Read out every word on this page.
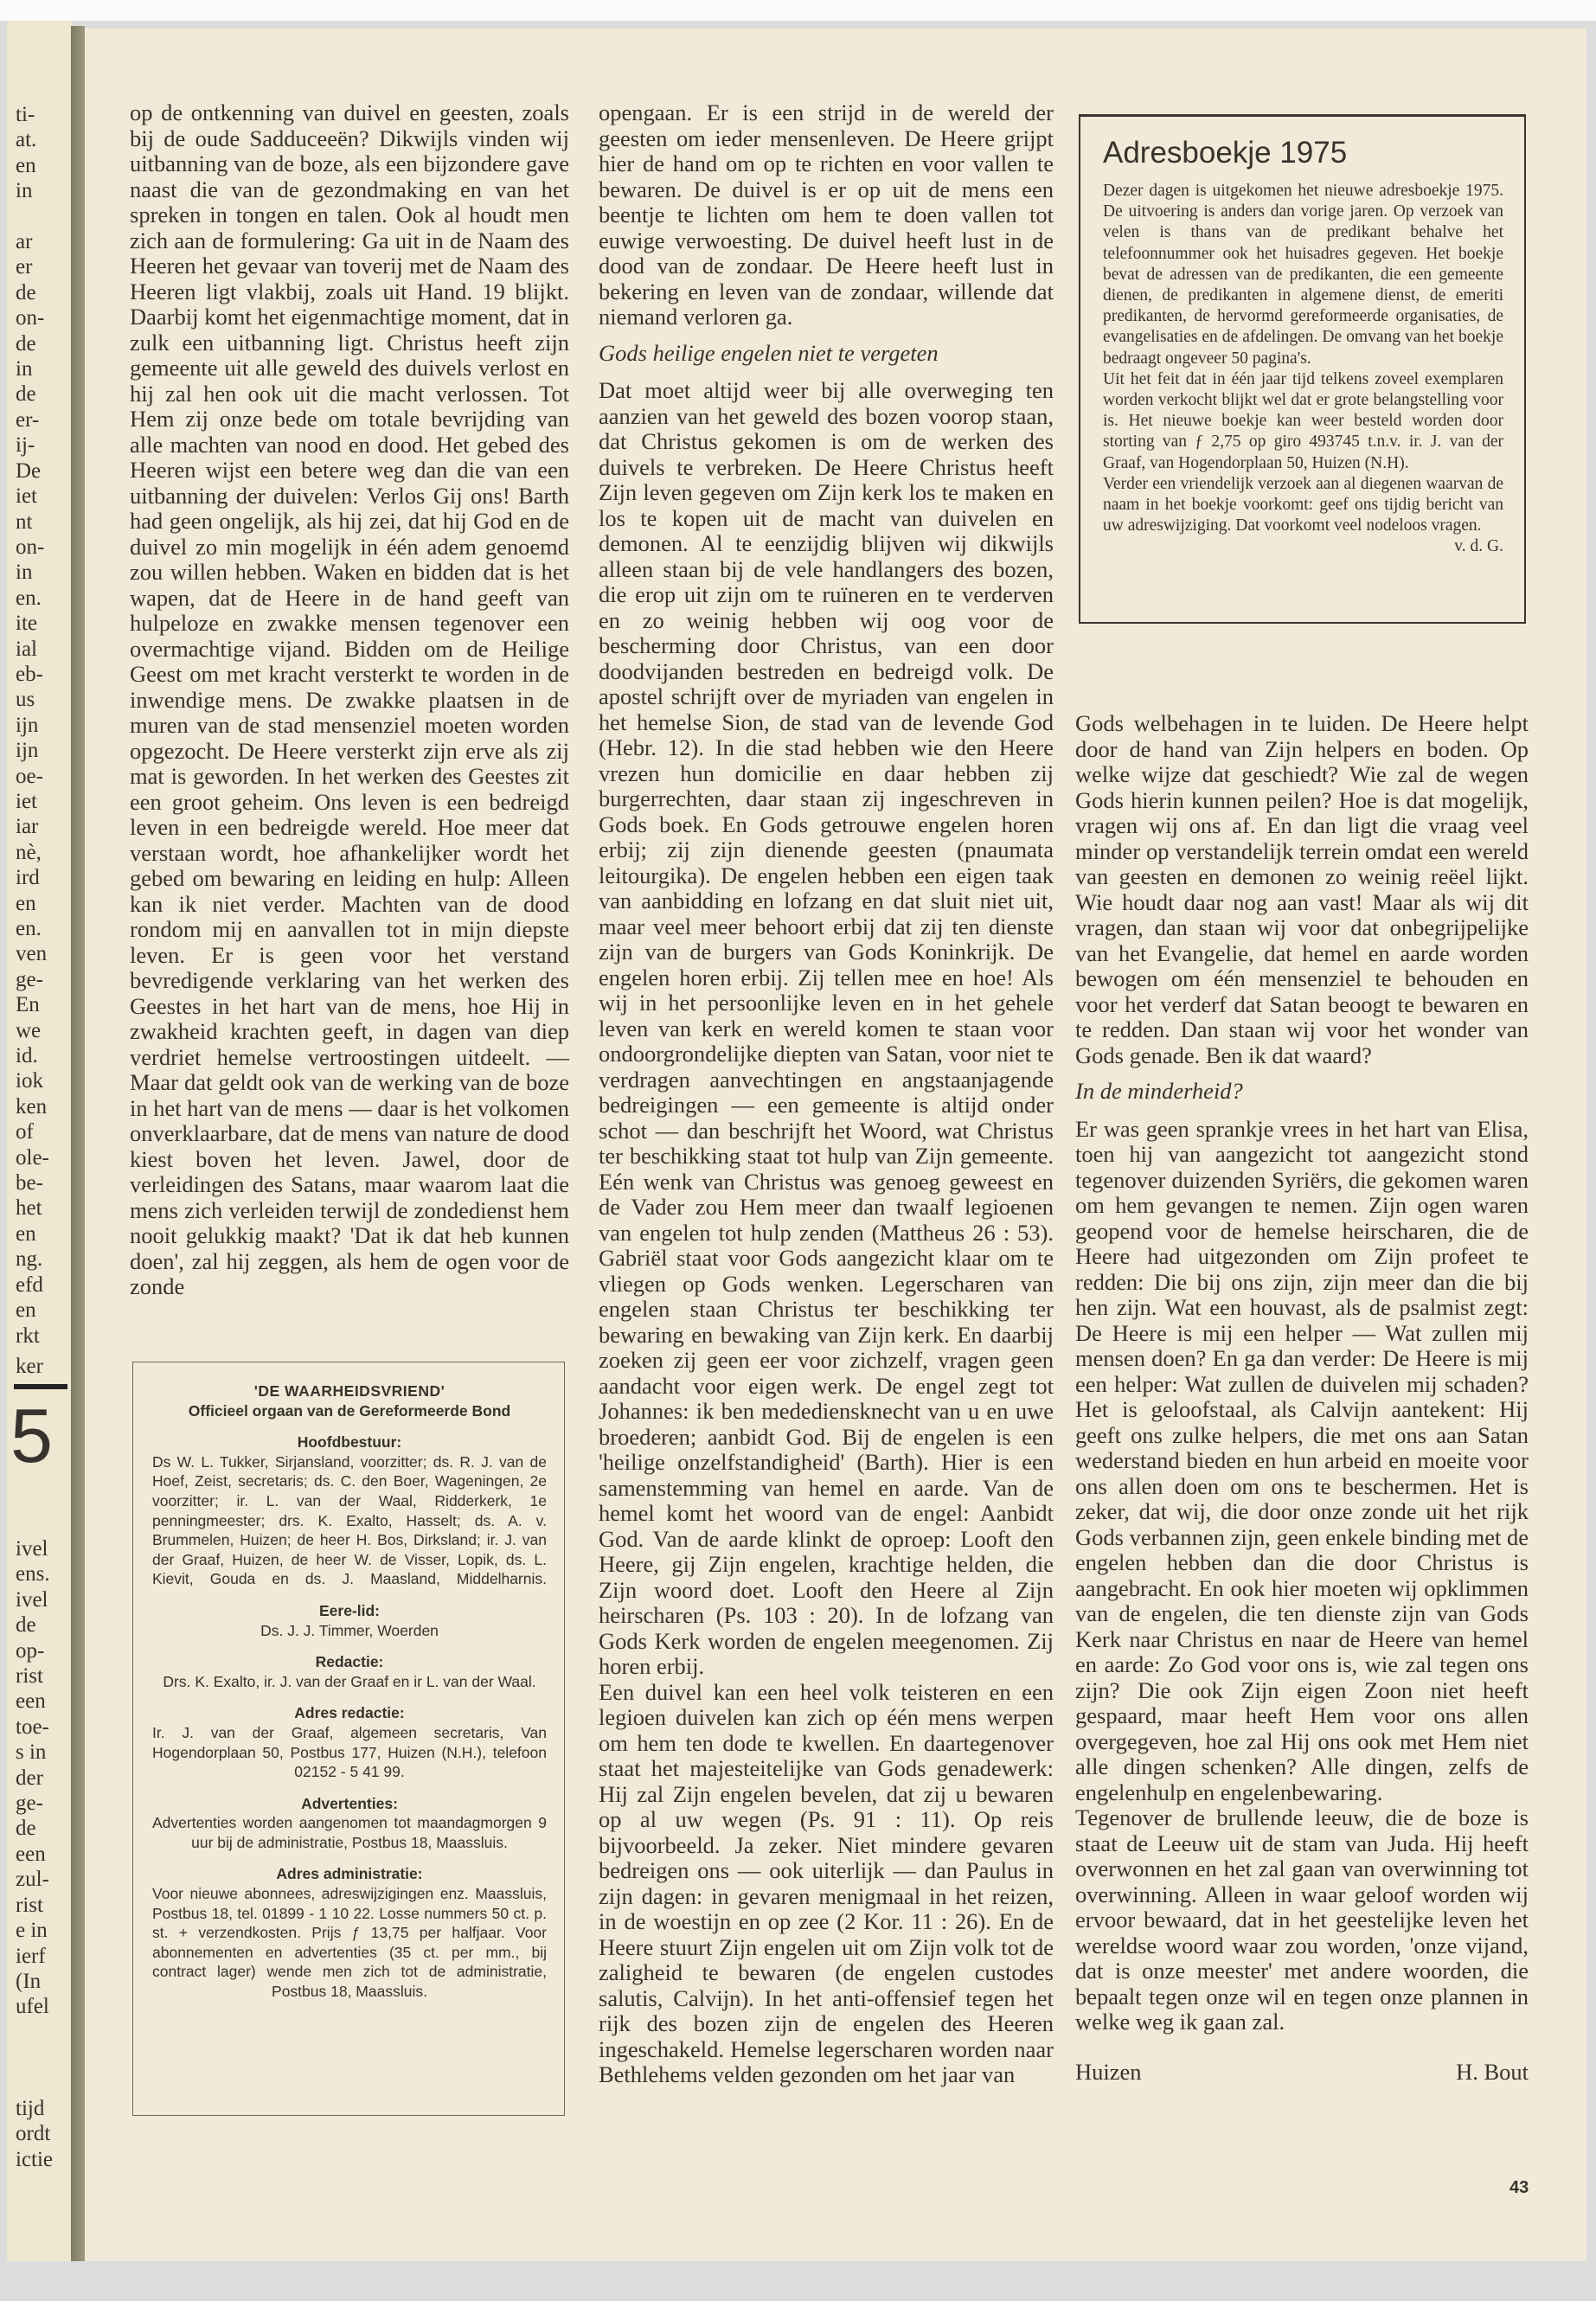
ti-
at.
en
in

ar
er
de
on-
de
in
de
er-
ij-
De
iet
nt
on-
in
en.
ite
ial
eb-
us
ijn
ijn
oe-
iet
iar
nè,
ird
en
en.
ven
ge-
En
we
id.
iok
ken
of
ole-
be-
het
en
ng.
efd
en
rkt
ker
5
ivel
ens.
ivel
de
op-
rist
een
toe-
s in
der
ge-
de
een
zul-
rist
e in
ierf
(In
ufel

tijd
ordt
ictie

op de ontkenning van duivel en geesten, zoals bij de oude Sadduceeën? Dikwijls vinden wij uitbanning van de boze, als een bijzondere gave naast die van de gezondmaking en van het spreken in tongen en talen. Ook al houdt men zich aan de formulering: Ga uit in de Naam des Heeren het gevaar van toverij met de Naam des Heeren ligt vlakbij, zoals uit Hand. 19 blijkt. Daarbij komt het eigenmachtige moment, dat in zulk een uitbanning ligt. Christus heeft zijn gemeente uit alle geweld des duivels verlost en hij zal hen ook uit die macht verlossen. Tot Hem zij onze bede om totale bevrijding van alle machten van nood en dood. Het gebed des Heeren wijst een betere weg dan die van een uitbanning der duivelen: Verlos Gij ons! Barth had geen ongelijk, als hij zei, dat hij God en de duivel zo min mogelijk in één adem genoemd zou willen hebben. Waken en bidden dat is het wapen, dat de Heere in de hand geeft van hulpeloze en zwakke mensen tegenover een overmachtige vijand. Bidden om de Heilige Geest om met kracht versterkt te worden in de inwendige mens. De zwakke plaatsen in de muren van de stad mensenziel moeten worden opgezocht. De Heere versterkt zijn erve als zij mat is geworden. In het werken des Geestes zit een groot geheim. Ons leven is een bedreigd leven in een bedreigde wereld. Hoe meer dat verstaan wordt, hoe afhankelijker wordt het gebed om bewaring en leiding en hulp: Alleen kan ik niet verder. Machten van de dood rondom mij en aanvallen tot in mijn diepste leven. Er is geen voor het verstand bevredigende verklaring van het werken des Geestes in het hart van de mens, hoe Hij in zwakheid krachten geeft, in dagen van diep verdriet hemelse vertroostingen uitdeelt. — Maar dat geldt ook van de werking van de boze in het hart van de mens — daar is het volkomen onverklaarbare, dat de mens van nature de dood kiest boven het leven. Jawel, door de verleidingen des Satans, maar waarom laat die mens zich verleiden terwijl de zondedienst hem nooit gelukkig maakt? 'Dat ik dat heb kunnen doen', zal hij zeggen, als hem de ogen voor de zonde

opengaan. Er is een strijd in de wereld der geesten om ieder mensenleven. De Heere grijpt hier de hand om op te richten en voor vallen te bewaren. De duivel is er op uit de mens een beentje te lichten om hem te doen vallen tot euwige verwoesting. De duivel heeft lust in de dood van de zondaar. De Heere heeft lust in bekering en leven van de zondaar, willende dat niemand verloren ga.

Gods heilige engelen niet te vergeten

Dat moet altijd weer bij alle overweging ten aanzien van het geweld des bozen voorop staan, dat Christus gekomen is om de werken des duivels te verbreken. De Heere Christus heeft Zijn leven gegeven om Zijn kerk los te maken en los te kopen uit de macht van duivelen en demonen. Al te eenzijdig blijven wij dikwijls alleen staan bij de vele handlangers des bozen, die erop uit zijn om te ruïneren en te verderven en zo weinig hebben wij oog voor de bescherming door Christus, van een door doodvijanden bestreden en bedreigd volk. De apostel schrijft over de myriaden van engelen in het hemelse Sion, de stad van de levende God (Hebr. 12). In die stad hebben wie den Heere vrezen hun domicilie en daar hebben zij burgerrechten, daar staan zij ingeschreven in Gods boek. En Gods getrouwe engelen horen erbij; zij zijn dienende geesten (pnaumata leitourgika). De engelen hebben een eigen taak van aanbidding en lofzang en dat sluit niet uit, maar veel meer behoort erbij dat zij ten dienste zijn van de burgers van Gods Koninkrijk. De engelen horen erbij. Zij tellen mee en hoe! Als wij in het persoonlijke leven en in het gehele leven van kerk en wereld komen te staan voor ondoorgrondelijke diepten van Satan, voor niet te verdragen aanvechtingen en angstaanjagende bedreigingen — een gemeente is altijd onder schot — dan beschrijft het Woord, wat Christus ter beschikking staat tot hulp van Zijn gemeente. Eén wenk van Christus was genoeg geweest en de Vader zou Hem meer dan twaalf legioenen van engelen tot hulp zenden (Mattheus 26 : 53). Gabriël staat voor Gods aangezicht klaar om te vliegen op Gods wenken. Legerscharen van engelen staan Christus ter beschikking ter bewaring en bewaking van Zijn kerk. En daarbij zoeken zij geen eer voor zichzelf, vragen geen aandacht voor eigen werk. De engel zegt tot Johannes: ik ben medediensknecht van u en uwe broederen; aanbidt God. Bij de engelen is een 'heilige onzelfstandigheid' (Barth). Hier is een samenstemming van hemel en aarde. Van de hemel komt het woord van de engel: Aanbidt God. Van de aarde klinkt de oproep: Looft den Heere, gij Zijn engelen, krachtige helden, die Zijn woord doet. Looft den Heere al Zijn heirscharen (Ps. 103 : 20). In de lofzang van Gods Kerk worden de engelen meegenomen. Zij horen erbij.

Een duivel kan een heel volk teisteren en een legioen duivelen kan zich op één mens werpen om hem ten dode te kwellen. En daartegenover staat het majesteitelijke van Gods genadewerk: Hij zal Zijn engelen bevelen, dat zij u bewaren op al uw wegen (Ps. 91 : 11). Op reis bijvoorbeeld. Ja zeker. Niet mindere gevaren bedreigen ons — ook uiterlijk — dan Paulus in zijn dagen: in gevaren menigmaal in het reizen, in de woestijn en op zee (2 Kor. 11 : 26). En de Heere stuurt Zijn engelen uit om Zijn volk tot de zaligheid te bewaren (de engelen custodes salutis, Calvijn). In het anti-offensief tegen het rijk des bozen zijn de engelen des Heeren ingeschakeld. Hemelse legerscharen worden naar Bethlehems velden gezonden om het jaar van

Adresboekje 1975

Dezer dagen is uitgekomen het nieuwe adresboekje 1975. De uitvoering is anders dan vorige jaren. Op verzoek van velen is thans van de predikant behalve het telefoonnummer ook het huisadres gegeven. Het boekje bevat de adressen van de predikanten, die een gemeente dienen, de predikanten in algemene dienst, de emeriti predikanten, de hervormd gereformeerde organisaties, de evangelisaties en de afdelingen. De omvang van het boekje bedraagt ongeveer 50 pagina's.

Uit het feit dat in één jaar tijd telkens zoveel exemplaren worden verkocht blijkt wel dat er grote belangstelling voor is. Het nieuwe boekje kan weer besteld worden door storting van ƒ 2,75 op giro 493745 t.n.v. ir. J. van der Graaf, van Hogendorplaan 50, Huizen (N.H).

Verder een vriendelijk verzoek aan al diegenen waarvan de naam in het boekje voorkomt: geef ons tijdig bericht van uw adreswijziging. Dat voorkomt veel nodeloos vragen.

v. d. G.

Gods welbehagen in te luiden. De Heere helpt door de hand van Zijn helpers en boden. Op welke wijze dat geschiedt? Wie zal de wegen Gods hierin kunnen peilen? Hoe is dat mogelijk, vragen wij ons af. En dan ligt die vraag veel minder op verstandelijk terrein omdat een wereld van geesten en demonen zo weinig reëel lijkt. Wie houdt daar nog aan vast! Maar als wij dit vragen, dan staan wij voor dat onbegrijpelijke van het Evangelie, dat hemel en aarde worden bewogen om één mensenziel te behouden en voor het verderf dat Satan beoogt te bewaren en te redden. Dan staan wij voor het wonder van Gods genade. Ben ik dat waard?

In de minderheid?

Er was geen sprankje vrees in het hart van Elisa, toen hij van aangezicht tot aangezicht stond tegenover duizenden Syriërs, die gekomen waren om hem gevangen te nemen. Zijn ogen waren geopend voor de hemelse heirscharen, die de Heere had uitgezonden om Zijn profeet te redden: Die bij ons zijn, zijn meer dan die bij hen zijn. Wat een houvast, als de psalmist zegt: De Heere is mij een helper — Wat zullen mij mensen doen? En ga dan verder: De Heere is mij een helper: Wat zullen de duivelen mij schaden? Het is geloofstaal, als Calvijn aantekent: Hij geeft ons zulke helpers, die met ons aan Satan wederstand bieden en hun arbeid en moeite voor ons allen doen om ons te beschermen. Het is zeker, dat wij, die door onze zonde uit het rijk Gods verbannen zijn, geen enkele binding met de engelen hebben dan die door Christus is aangebracht. En ook hier moeten wij opklimmen van de engelen, die ten dienste zijn van Gods Kerk naar Christus en naar de Heere van hemel en aarde: Zo God voor ons is, wie zal tegen ons zijn? Die ook Zijn eigen Zoon niet heeft gespaard, maar heeft Hem voor ons allen overgegeven, hoe zal Hij ons ook met Hem niet alle dingen schenken? Alle dingen, zelfs de engelenhulp en engelenbewaring.

Tegenover de brullende leeuw, die de boze is staat de Leeuw uit de stam van Juda. Hij heeft overwonnen en het zal gaan van overwinning tot overwinning. Alleen in waar geloof worden wij ervoor bewaard, dat in het geestelijke leven het wereldse woord waar zou worden, 'onze vijand, dat is onze meester' met andere woorden, die bepaalt tegen onze wil en tegen onze plannen in welke weg ik gaan zal.

Huizen	H. Bout
'DE WAARHEIDSVRIEND'
Officieel orgaan van de Gereformeerde Bond
Hoofdbestuur:
Ds W. L. Tukker, Sirjansland, voorzitter; ds. R. J. van de Hoef, Zeist, secretaris; ds. C. den Boer, Wageningen, 2e voorzitter; ir. L. van der Waal, Ridderkerk, 1e penningmeester; drs. K. Exalto, Hasselt; ds. A. v. Brummelen, Huizen; de heer H. Bos, Dirksland; ir. J. van der Graaf, Huizen, de heer W. de Visser, Lopik, ds. L. Kievit, Gouda en ds. J. Maasland, Middelharnis.
Eere-lid:
Ds. J. J. Timmer, Woerden
Redactie:
Drs. K. Exalto, ir. J. van der Graaf en ir L. van der Waal.
Adres redactie:
Ir. J. van der Graaf, algemeen secretaris, Van Hogendorplaan 50, Postbus 177, Huizen (N.H.), telefoon 02152 - 5 41 99.
Advertenties:
Advertenties worden aangenomen tot maandagmorgen 9 uur bij de administratie, Postbus 18, Maassluis.
Adres administratie:
Voor nieuwe abonnees, adreswijzigingen enz. Maassluis, Postbus 18, tel. 01899 - 1 10 22. Losse nummers 50 ct. p. st. + verzendkosten. Prijs ƒ 13,75 per halfjaar. Voor abonnementen en advertenties (35 ct. per mm., bij contract lager) wende men zich tot de administratie, Postbus 18, Maassluis.
43
